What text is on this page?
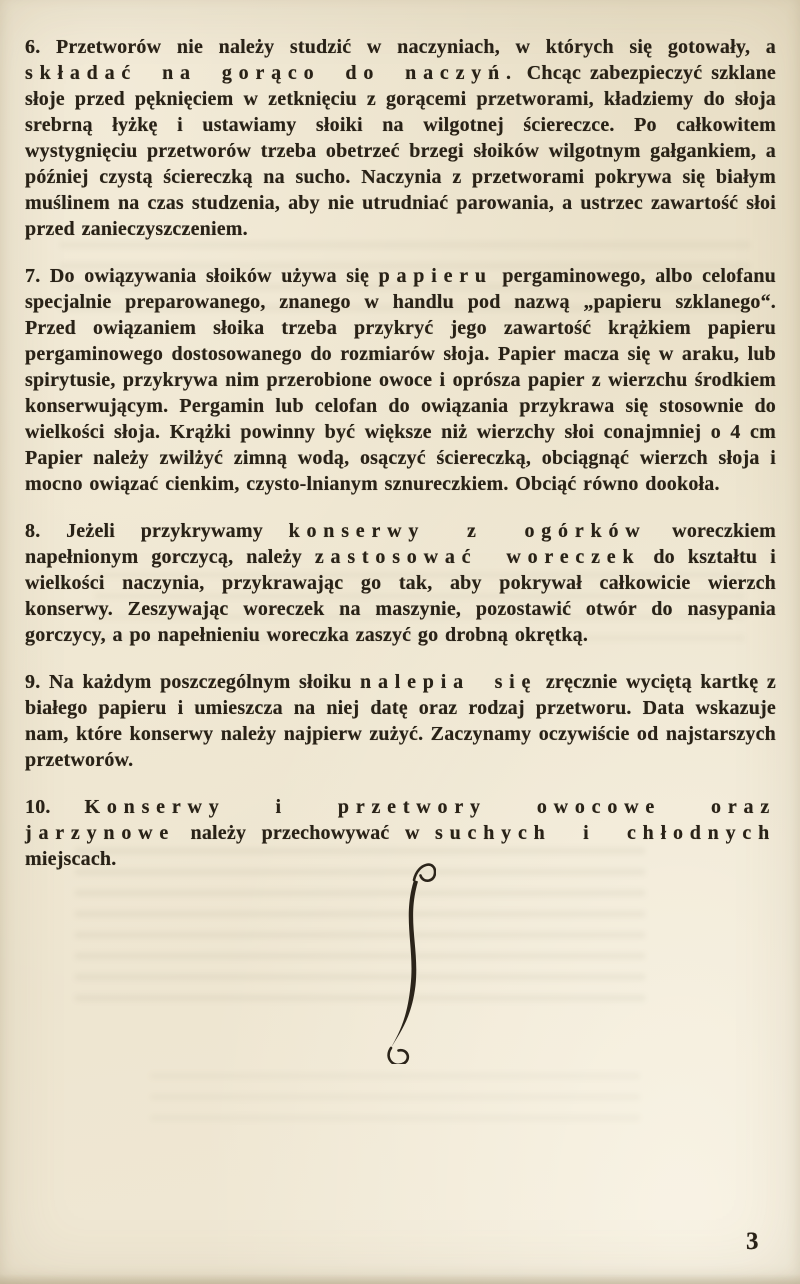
6. Przetworów nie należy studzić w naczyniach, w których się gotowały, a składać na gorąco do naczyń. Chcąc zabezpieczyć szklane słoje przed pęknięciem w zetknięciu z gorącemi przetworami, kładziemy do słoja srebrną łyżkę i ustawiamy słoiki na wilgotnej ściereczce. Po całkowitem wystygnięciu przetworów trzeba obetrzeć brzegi słoików wilgotnym gałgankiem, a później czystą ściereczką na sucho. Naczynia z przetworami pokrywa się białym muślinem na czas studzenia, aby nie utrudniać parowania, a ustrzec zawartość słoi przed zanieczyszczeniem.

7. Do owiązywania słoików używa się papieru pergaminowego, albo celofanu specjalnie preparowanego, znanego w handlu pod nazwą „papieru szklanego“. Przed owiązaniem słoika trzeba przykryć jego zawartość krążkiem papieru pergaminowego dostosowanego do rozmiarów słoja. Papier macza się w araku, lub spirytusie, przykrywa nim przerobione owoce i oprósza papier z wierzchu środkiem konserwującym. Pergamin lub celofan do owiązania przykrawa się stosownie do wielkości słoja. Krążki powinny być większe niż wierzchy słoi conajmniej o 4 cm Papier należy zwilżyć zimną wodą, osączyć ściereczką, obciągnąć wierzch słoja i mocno owiązać cienkim, czysto-lnianym sznureczkiem. Obciąć równo dookoła.

8. Jeżeli przykrywamy konserwy z ogórków woreczkiem napełnionym gorczycą, należy zastosować woreczek do kształtu i wielkości naczynia, przykrawając go tak, aby pokrywał całkowicie wierzch konserwy. Zeszywając woreczek na maszynie, pozostawić otwór do nasypania gorczycy, a po napełnieniu woreczka zaszyć go drobną okrętką.

9. Na każdym poszczególnym słoiku nalepia się zręcznie wyciętą kartkę z białego papieru i umieszcza na niej datę oraz rodzaj przetworu. Data wskazuje nam, które konserwy należy najpierw zużyć. Zaczynamy oczywiście od najstarszych przetworów.

10. Konserwy i przetwory owocowe oraz jarzynowe należy przechowywać w suchych i chłodnych miejscach.

3
